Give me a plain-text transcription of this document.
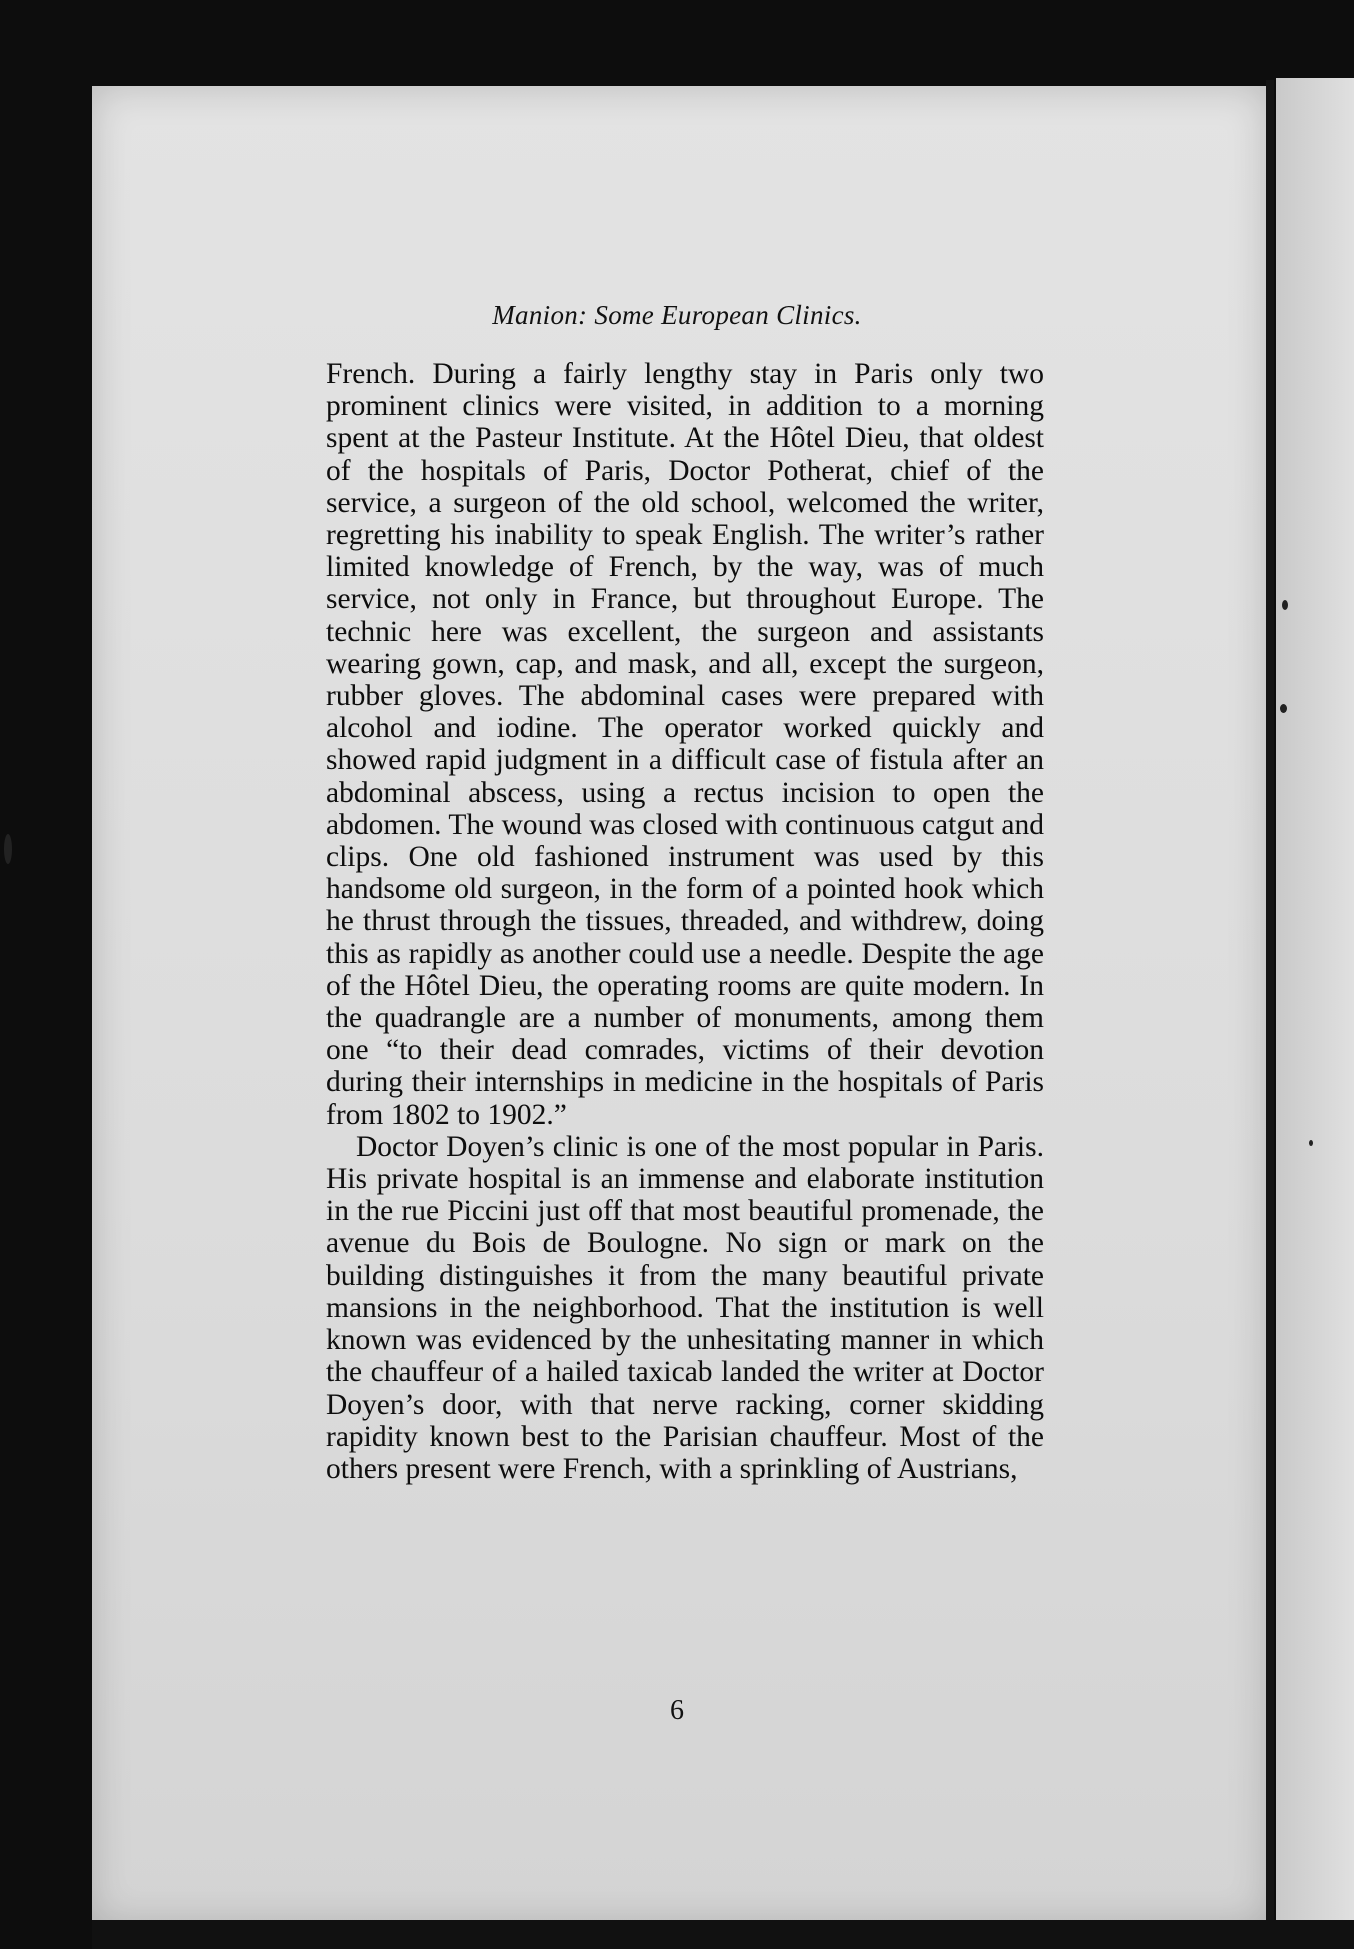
Manion: Some European Clinics.

French. During a fairly lengthy stay in Paris only two prominent clinics were visited, in addition to a morning spent at the Pasteur Institute. At the Hôtel Dieu, that oldest of the hospitals of Paris, Doctor Potherat, chief of the service, a surgeon of the old school, welcomed the writer, regretting his inability to speak English. The writer’s rather limited knowledge of French, by the way, was of much service, not only in France, but throughout Europe. The technic here was excellent, the surgeon and assistants wearing gown, cap, and mask, and all, except the surgeon, rubber gloves. The abdominal cases were prepared with alcohol and iodine. The operator worked quickly and showed rapid judgment in a difficult case of fistula after an abdominal abscess, using a rectus incision to open the abdomen. The wound was closed with continuous catgut and clips. One old fashioned instrument was used by this handsome old surgeon, in the form of a pointed hook which he thrust through the tissues, threaded, and withdrew, doing this as rapidly as another could use a needle. Despite the age of the Hôtel Dieu, the operating rooms are quite modern. In the quadrangle are a number of monuments, among them one “to their dead comrades, victims of their devotion during their internships in medicine in the hospitals of Paris from 1802 to 1902.”

Doctor Doyen’s clinic is one of the most popular in Paris. His private hospital is an immense and elaborate institution in the rue Piccini just off that most beautiful promenade, the avenue du Bois de Boulogne. No sign or mark on the building distinguishes it from the many beautiful private mansions in the neighborhood. That the institution is well known was evidenced by the unhesitating manner in which the chauffeur of a hailed taxicab landed the writer at Doctor Doyen’s door, with that nerve racking, corner skidding rapidity known best to the Parisian chauffeur. Most of the others present were French, with a sprinkling of Austrians,

6
